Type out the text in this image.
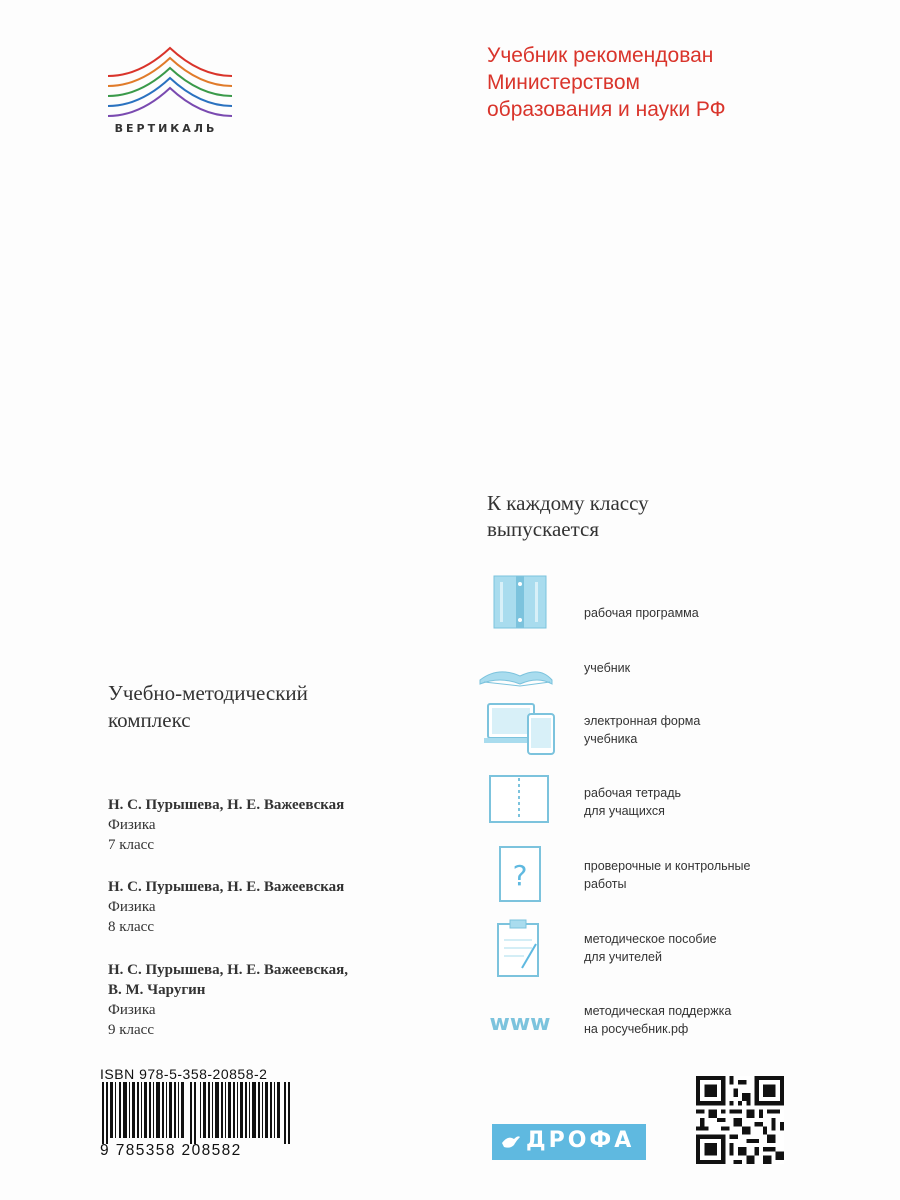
ВЕРТИКАЛЬ
Учебник рекомендован
Министерством
образования и науки РФ
Учебно-методический
комплекс
Н. С. Пурышева, Н. Е. Важеевская
Физика
7 класс
Н. С. Пурышева, Н. Е. Важеевская
Физика
8 класс
Н. С. Пурышева, Н. Е. Важеевская,
В. М. Чаругин
Физика
9 класс
К каждому классу
выпускается
рабочая программа
учебник
электронная форма
учебника
рабочая тетрадь
для учащихся
?	проверочные и контрольные
работы
методическое пособие
для учителей
www	методическая поддержка
на росучебник.рф
ISBN 978-5-358-20858-2
9 785358 208582	ДРОФА
